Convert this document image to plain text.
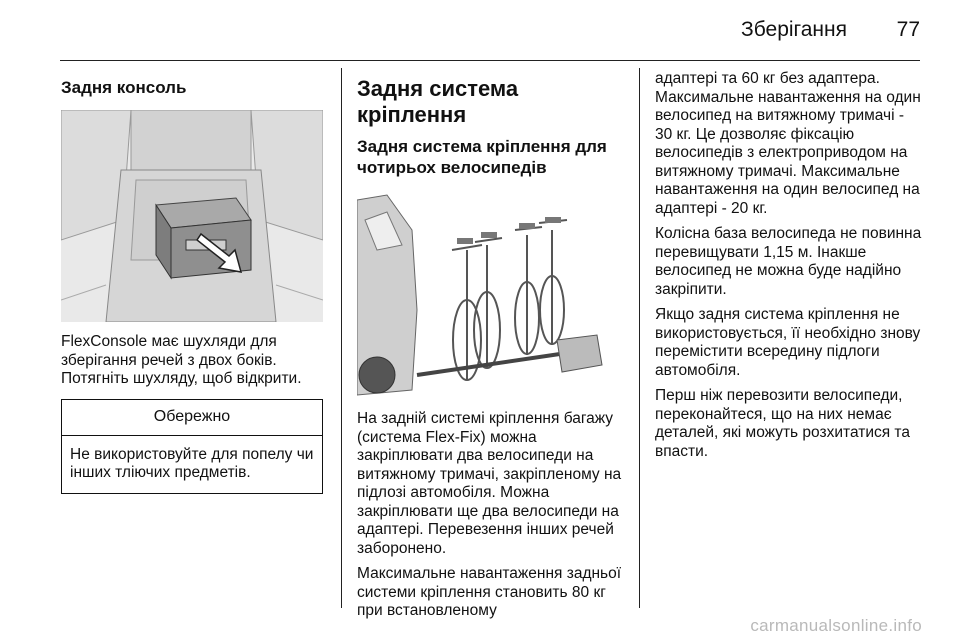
Зберігання 77
Задня консоль

FlexConsole має шухляди для зберігання речей з двох боків. Потягніть шухляду, щоб відкрити.

Обережно
Не використовуйте для попелу чи інших тліючих предметів.
Задня система кріплення
Задня система кріплення для чотирьох велосипедів

На задній системі кріплення багажу (система Flex-Fix) можна закріплювати два велосипеди на витяжному тримачі, закріпленому на підлозі автомобіля. Можна закріплювати ще два велосипеди на адаптері. Перевезення інших речей заборонено.

Максимальне навантаження задньої системи кріплення становить 80 кг при встановленому

адаптері та 60 кг без адаптера. Максимальне навантаження на один велосипед на витяжному тримачі - 30 кг. Це дозволяє фіксацію велосипедів з електроприводом на витяжному тримачі. Максимальне навантаження на один велосипед на адаптері - 20 кг.

Колісна база велосипеда не повинна перевищувати 1,15 м. Інакше велосипед не можна буде надійно закріпити.

Якщо задня система кріплення не використовується, її необхідно знову перемістити всередину підлоги автомобіля.

Перш ніж перевозити велосипеди, переконайтеся, що на них немає деталей, які можуть розхитатися та впасти.

carmanualsonline.info
